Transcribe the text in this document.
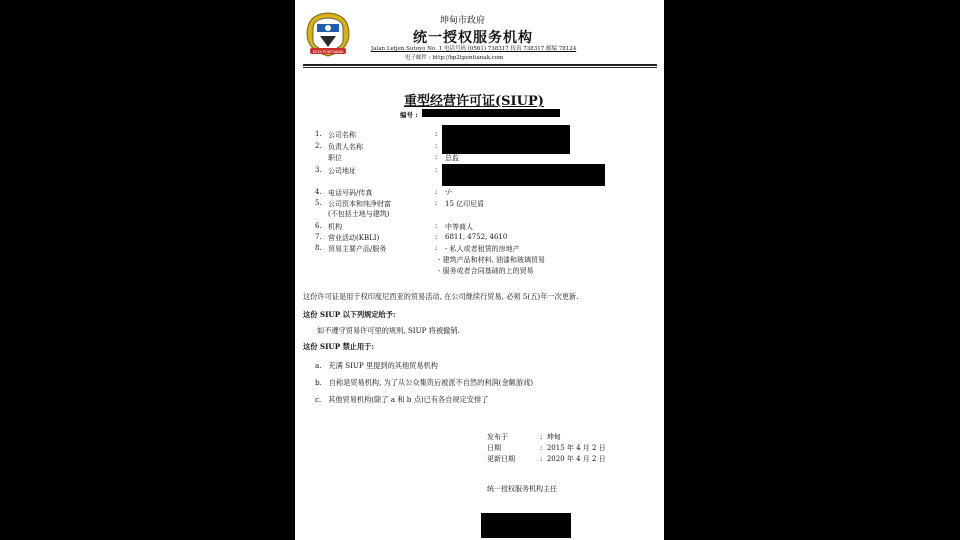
KOTA PONTIANAK
坤甸市政府
统一授权服务机构
Jalan Letjen Sutoyo No. 1 电话号码 (0561) 738317 传真 738317 邮编 78124
电子邮件 : http://bp2tpontianak.com
重型经营许可证(SIUP)
编号 :
1. 公司名称	:
2. 负责人名称	:
职位	: 总监
3. 公司地址	:
4. 电话号码/传真	: -/-
5. 公司资本和纯净财富	: 15 亿印尼盾
(不包括土地与建筑)
6. 机构	: 中等商人
7. 营业活动(KBLI)	: 6811, 4752, 4610
8. 贸易主要产品/服务	: - 私人或者租赁的房地产
- 建筑产品和材料, 油漆和玻璃贸易
- 服务或者合同基础的上的贸易
这份许可证是用于权印度尼西亚的贸易活动, 在公司继续行贸易, 必须 5(五)年一次更新.
这份 SIUP 以下列规定给予:
如不遵守贸易许可里的规则, SIUP 将被撤销.
这份 SIUP 禁止用于:
a. 充满 SIUP 里提到的其他贸易机构
b. 自称是贸易机构, 为了从公众集资后被派不自然的利润(金额游戏)
c. 其他贸易机构(除了 a 和 b 点)已有各自规定安排了
发布于	:  坤甸
日期	:  2015 年 4 月 2 日
更新日期	:  2020 年 4 月 2 日
统一授权服务机构主任
